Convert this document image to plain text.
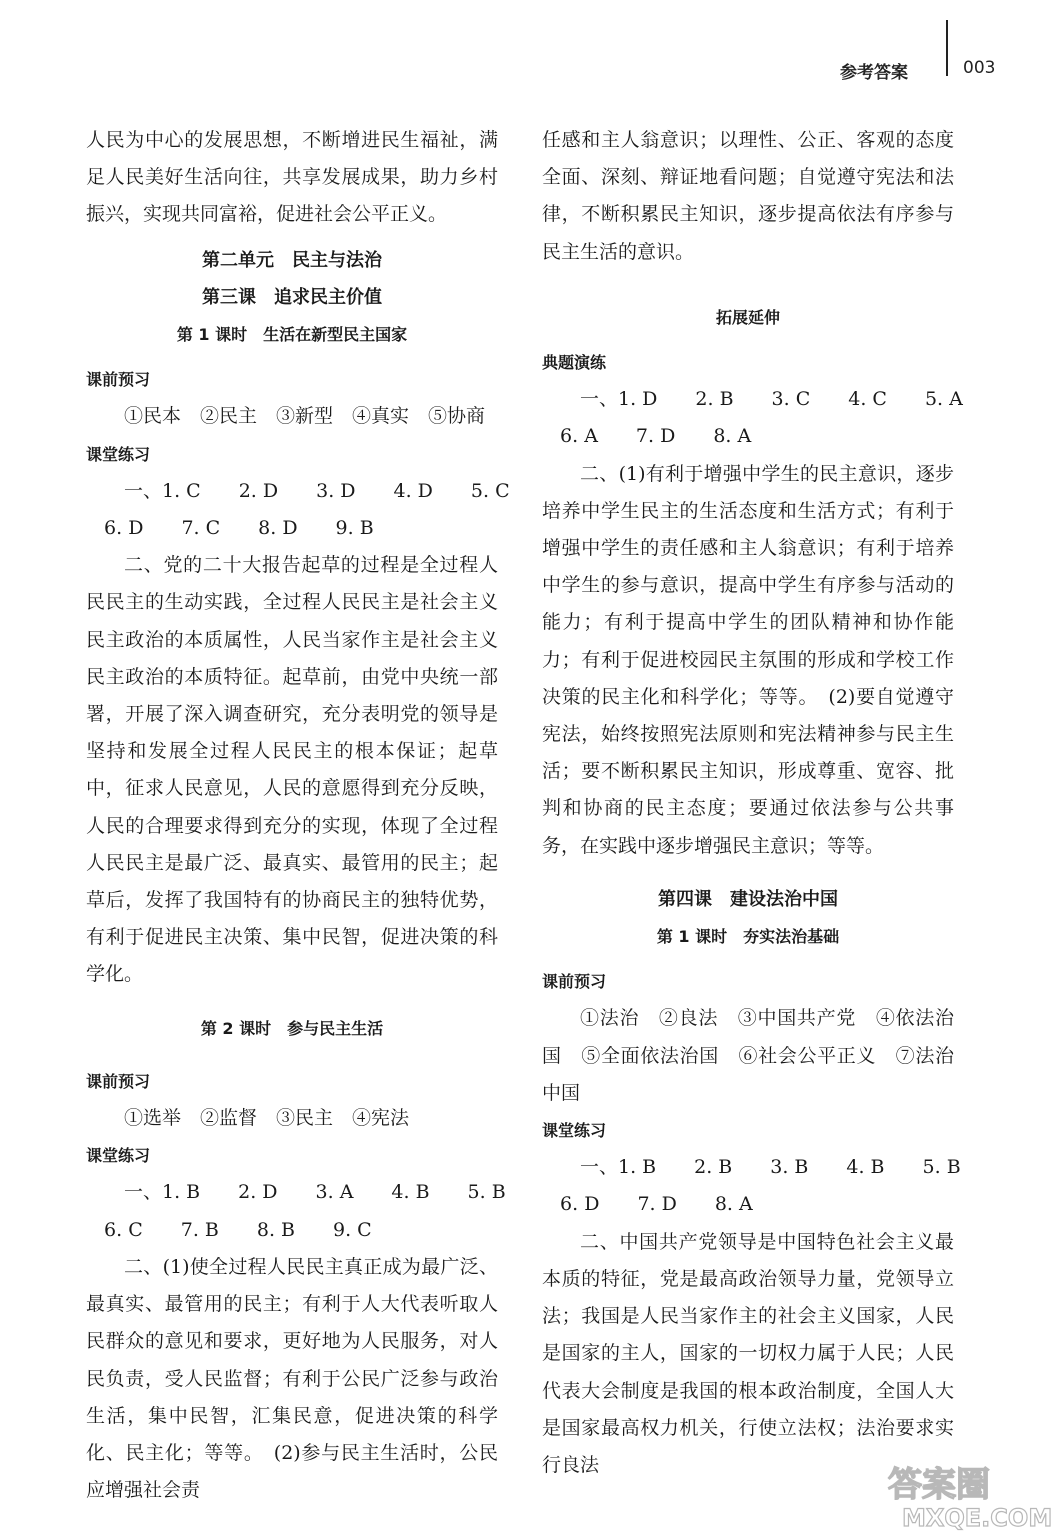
参考答案	003

人民为中心的发展思想，不断增进民生福祉，满足人民美好生活向往，共享发展成果，助力乡村振兴，实现共同富裕，促进社会公平正义。

第二单元　民主与法治
第三课　追求民主价值
第 1 课时　生活在新型民主国家
课前预习
①民本　②民主　③新型　④真实　⑤协商
课堂练习
一、1. C　　2. D　　3. D　　4. D　　5. C
6. D　　7. C　　8. D　　9. B

二、党的二十大报告起草的过程是全过程人民民主的生动实践，全过程人民民主是社会主义民主政治的本质属性，人民当家作主是社会主义民主政治的本质特征。起草前，由党中央统一部署，开展了深入调查研究，充分表明党的领导是坚持和发展全过程人民民主的根本保证；起草中，征求人民意见，人民的意愿得到充分反映，人民的合理要求得到充分的实现，体现了全过程人民民主是最广泛、最真实、最管用的民主；起草后，发挥了我国特有的协商民主的独特优势，有利于促进民主决策、集中民智，促进决策的科学化。

第 2 课时　参与民主生活
课前预习
①选举　②监督　③民主　④宪法
课堂练习
一、1. B　　2. D　　3. A　　4. B　　5. B
6. C　　7. B　　8. B　　9. C

二、(1)使全过程人民民主真正成为最广泛、最真实、最管用的民主；有利于人大代表听取人民群众的意见和要求，更好地为人民服务，对人民负责，受人民监督；有利于公民广泛参与政治生活，集中民智，汇集民意，促进决策的科学化、民主化；等等。　(2)参与民主生活时，公民应增强社会责

任感和主人翁意识；以理性、公正、客观的态度全面、深刻、辩证地看问题；自觉遵守宪法和法律，不断积累民主知识，逐步提高依法有序参与民主生活的意识。

拓展延伸
典题演练
一、1. D　　2. B　　3. C　　4. C　　5. A
6. A　　7. D　　8. A

二、(1)有利于增强中学生的民主意识，逐步培养中学生民主的生活态度和生活方式；有利于增强中学生的责任感和主人翁意识；有利于培养中学生的参与意识，提高中学生有序参与活动的能力；有利于提高中学生的团队精神和协作能力；有利于促进校园民主氛围的形成和学校工作决策的民主化和科学化；等等。　(2)要自觉遵守宪法，始终按照宪法原则和宪法精神参与民主生活；要不断积累民主知识，形成尊重、宽容、批判和协商的民主态度；要通过依法参与公共事务，在实践中逐步增强民主意识；等等。

第四课　建设法治中国
第 1 课时　夯实法治基础
课前预习

①法治　②良法　③中国共产党　④依法治国　⑤全面依法治国　⑥社会公平正义　⑦法治中国

课堂练习
一、1. B　　2. B　　3. B　　4. B　　5. B
6. D　　7. D　　8. A

二、中国共产党领导是中国特色社会主义最本质的特征，党是最高政治领导力量，党领导立法；我国是人民当家作主的社会主义国家，人民是国家的主人，国家的一切权力属于人民；人民代表大会制度是我国的根本政治制度，全国人大是国家最高权力机关，行使立法权；法治要求实行良法

答案圈
MXQE.COM
